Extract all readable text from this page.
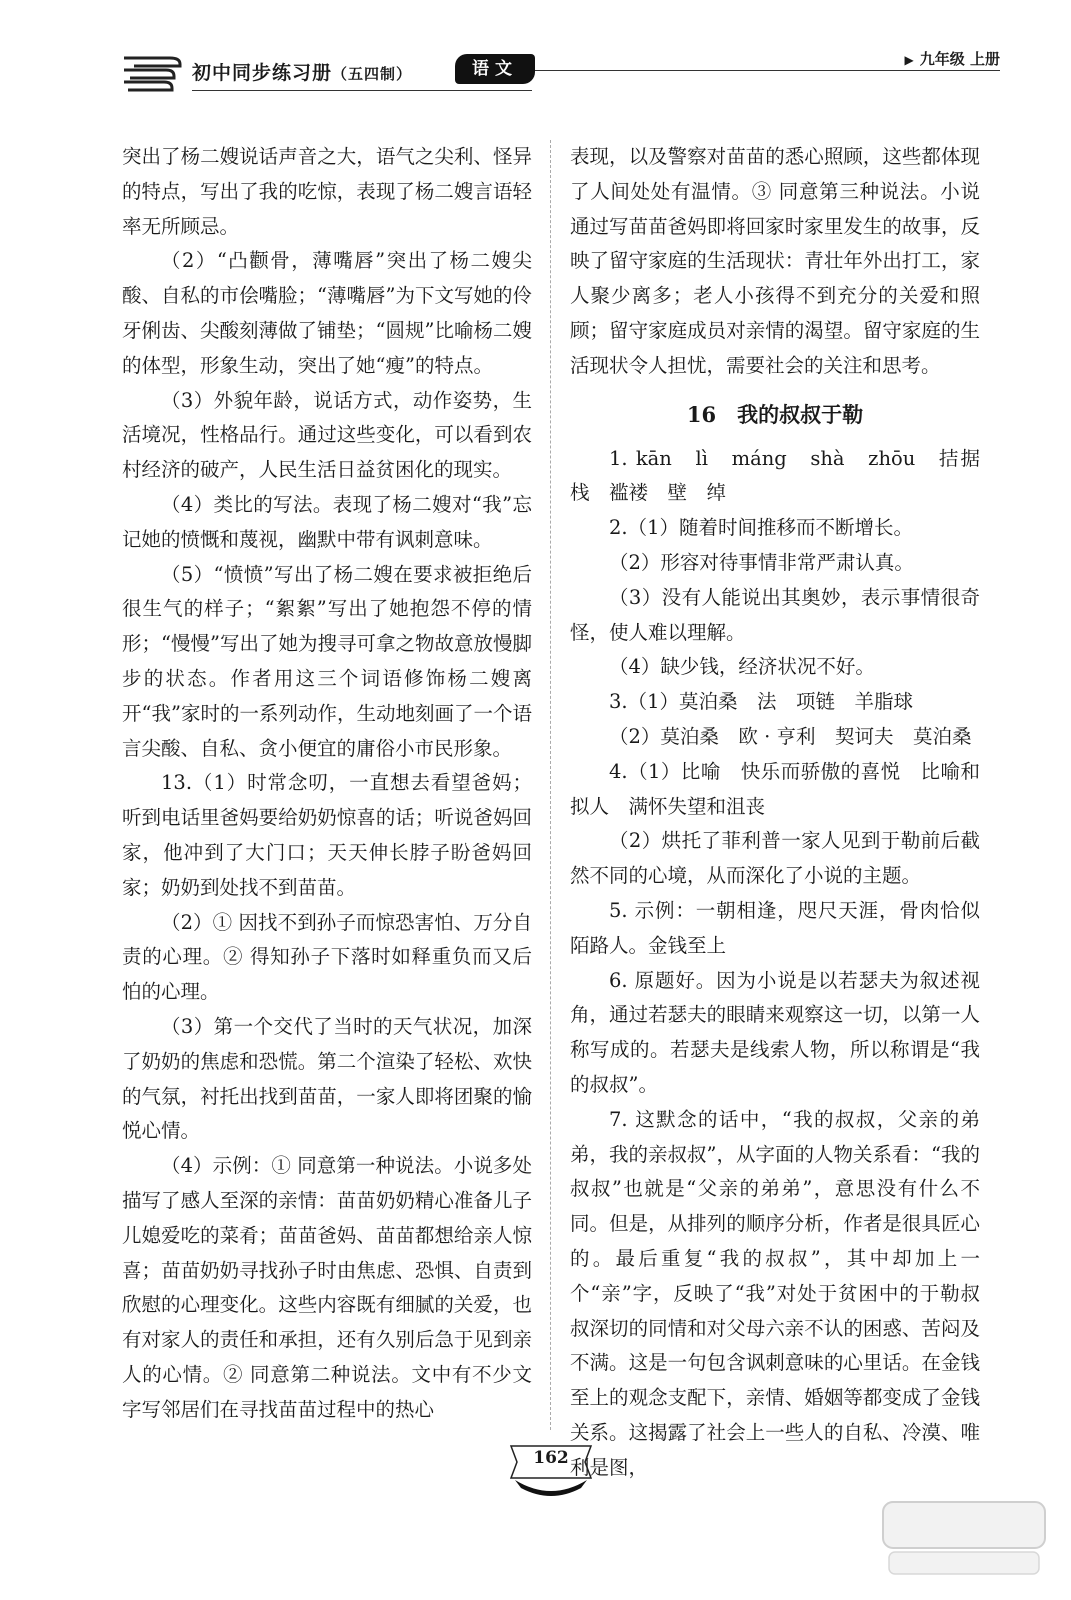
初中同步练习册（五四制）	语文	▶ 九年级 上册

突出了杨二嫂说话声音之大，语气之尖利、怪异的特点，写出了我的吃惊，表现了杨二嫂言语轻率无所顾忌。

（2）“凸颧骨，薄嘴唇”突出了杨二嫂尖酸、自私的市侩嘴脸；“薄嘴唇”为下文写她的伶牙俐齿、尖酸刻薄做了铺垫；“圆规”比喻杨二嫂的体型，形象生动，突出了她“瘦”的特点。

（3）外貌年龄，说话方式，动作姿势，生活境况，性格品行。通过这些变化，可以看到农村经济的破产，人民生活日益贫困化的现实。

（4）类比的写法。表现了杨二嫂对“我”忘记她的愤慨和蔑视，幽默中带有讽刺意味。

（5）“愤愤”写出了杨二嫂在要求被拒绝后很生气的样子；“絮絮”写出了她抱怨不停的情形；“慢慢”写出了她为搜寻可拿之物故意放慢脚步的状态。作者用这三个词语修饰杨二嫂离开“我”家时的一系列动作，生动地刻画了一个语言尖酸、自私、贪小便宜的庸俗小市民形象。

13.（1）时常念叨，一直想去看望爸妈；听到电话里爸妈要给奶奶惊喜的话；听说爸妈回家，他冲到了大门口；天天伸长脖子盼爸妈回家；奶奶到处找不到苗苗。

（2）① 因找不到孙子而惊恐害怕、万分自责的心理。② 得知孙子下落时如释重负而又后怕的心理。

（3）第一个交代了当时的天气状况，加深了奶奶的焦虑和恐慌。第二个渲染了轻松、欢快的气氛，衬托出找到苗苗，一家人即将团聚的愉悦心情。

（4）示例：① 同意第一种说法。小说多处描写了感人至深的亲情：苗苗奶奶精心准备儿子儿媳爱吃的菜肴；苗苗爸妈、苗苗都想给亲人惊喜；苗苗奶奶寻找孙子时由焦虑、恐惧、自责到欣慰的心理变化。这些内容既有细腻的关爱，也有对家人的责任和承担，还有久别后急于见到亲人的心情。② 同意第二种说法。文中有不少文字写邻居们在寻找苗苗过程中的热心

表现，以及警察对苗苗的悉心照顾，这些都体现了人间处处有温情。③ 同意第三种说法。小说通过写苗苗爸妈即将回家时家里发生的故事，反映了留守家庭的生活现状：青壮年外出打工，家人聚少离多；老人小孩得不到充分的关爱和照顾；留守家庭成员对亲情的渴望。留守家庭的生活现状令人担忧，需要社会的关注和思考。

16　我的叔叔于勒

1. kān　lì　máng　shà　zhōu　拮据　栈　褴褛　壁　绰

2.（1）随着时间推移而不断增长。

（2）形容对待事情非常严肃认真。

（3）没有人能说出其奥妙，表示事情很奇怪，使人难以理解。

（4）缺少钱，经济状况不好。

3.（1）莫泊桑　法　项链　羊脂球

（2）莫泊桑　欧 · 亨利　契诃夫　莫泊桑

4.（1）比喻　快乐而骄傲的喜悦　比喻和拟人　满怀失望和沮丧

（2）烘托了菲利普一家人见到于勒前后截然不同的心境，从而深化了小说的主题。

5. 示例：一朝相逢，咫尺天涯，骨肉恰似陌路人。金钱至上

6. 原题好。因为小说是以若瑟夫为叙述视角，通过若瑟夫的眼睛来观察这一切，以第一人称写成的。若瑟夫是线索人物，所以称谓是“我的叔叔”。

7. 这默念的话中，“我的叔叔，父亲的弟弟，我的亲叔叔”，从字面的人物关系看：“我的叔叔”也就是“父亲的弟弟”，意思没有什么不同。但是，从排列的顺序分析，作者是很具匠心的。最后重复“我的叔叔”，其中却加上一个“亲”字，反映了“我”对处于贫困中的于勒叔叔深切的同情和对父母六亲不认的困惑、苦闷及不满。这是一句包含讽刺意味的心里话。在金钱至上的观念支配下，亲情、婚姻等都变成了金钱关系。这揭露了社会上一些人的自私、冷漠、唯利是图，

162
